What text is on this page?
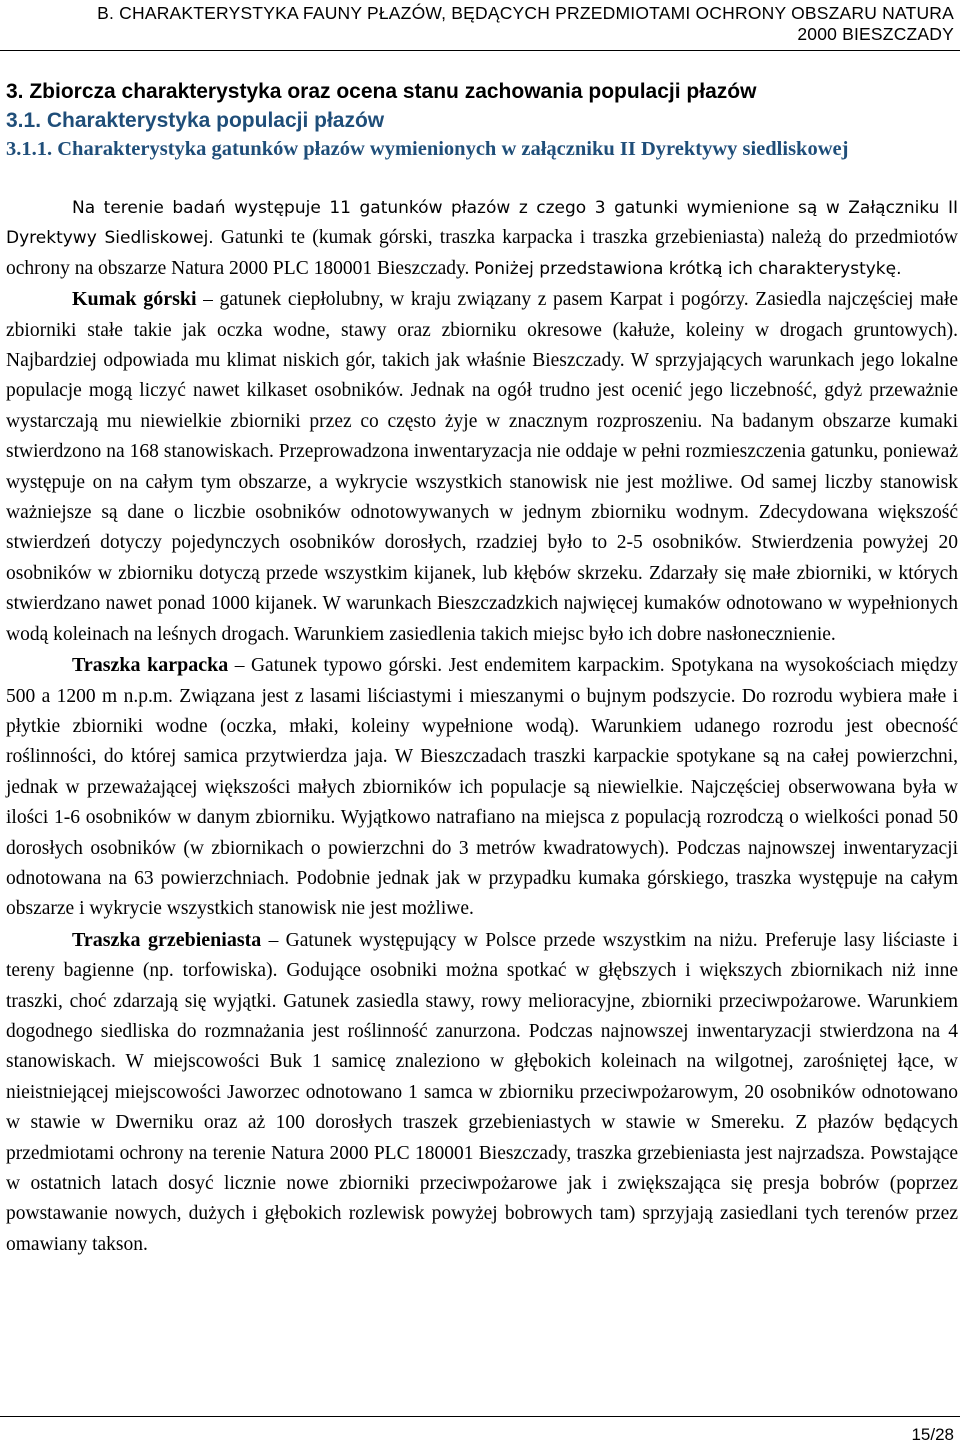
B. CHARAKTERYSTYKA FAUNY PŁAZÓW, BĘDĄCYCH PRZEDMIOTAMI OCHRONY OBSZARU NATURA
2000 BIESZCZADY

3. Zbiorcza charakterystyka oraz ocena stanu zachowania populacji płazów

3.1. Charakterystyka populacji płazów

3.1.1. Charakterystyka gatunków płazów wymienionych w załączniku II Dyrektywy siedliskowej

Na terenie badań występuje 11 gatunków płazów z czego 3 gatunki wymienione są w Załączniku II Dyrektywy Siedliskowej. Gatunki te (kumak górski, traszka karpacka i traszka grzebieniasta) należą do przedmiotów ochrony na obszarze Natura 2000 PLC 180001 Bieszczady. Poniżej przedstawiona krótką ich charakterystykę.

Kumak górski – gatunek ciepłolubny, w kraju związany z pasem Karpat i pogórzy. Zasiedla najczęściej małe zbiorniki stałe takie jak oczka wodne, stawy oraz zbiorniku okresowe (kałuże, koleiny w drogach gruntowych). Najbardziej odpowiada mu klimat niskich gór, takich jak właśnie Bieszczady. W sprzyjających warunkach jego lokalne populacje mogą liczyć nawet kilkaset osobników. Jednak na ogół trudno jest ocenić jego liczebność, gdyż przeważnie wystarczają mu niewielkie zbiorniki przez co często żyje w znacznym rozproszeniu. Na badanym obszarze kumaki stwierdzono na 168 stanowiskach. Przeprowadzona inwentaryzacja nie oddaje w pełni rozmieszczenia gatunku, ponieważ występuje on na całym tym obszarze, a wykrycie wszystkich stanowisk nie jest możliwe. Od samej liczby stanowisk ważniejsze są dane o liczbie osobników odnotowywanych w jednym zbiorniku wodnym. Zdecydowana większość stwierdzeń dotyczy pojedynczych osobników dorosłych, rzadziej było to 2-5 osobników. Stwierdzenia powyżej 20 osobników w zbiorniku dotyczą przede wszystkim kijanek, lub kłębów skrzeku. Zdarzały się małe zbiorniki, w których stwierdzano nawet ponad 1000 kijanek. W warunkach Bieszczadzkich najwięcej kumaków odnotowano w wypełnionych wodą koleinach na leśnych drogach. Warunkiem zasiedlenia takich miejsc było ich dobre nasłonecznienie.

Traszka karpacka – Gatunek typowo górski. Jest endemitem karpackim. Spotykana na wysokościach między 500 a 1200 m n.p.m. Związana jest z lasami liściastymi i mieszanymi o bujnym podszycie. Do rozrodu wybiera małe i płytkie zbiorniki wodne (oczka, młaki, koleiny wypełnione wodą). Warunkiem udanego rozrodu jest obecność roślinności, do której samica przytwierdza jaja. W Bieszczadach traszki karpackie spotykane są na całej powierzchni, jednak w przeważającej większości małych zbiorników ich populacje są niewielkie. Najczęściej obserwowana była w ilości 1-6 osobników w danym zbiorniku. Wyjątkowo natrafiano na miejsca z populacją rozrodczą o wielkości ponad 50 dorosłych osobników (w zbiornikach o powierzchni do 3 metrów kwadratowych). Podczas najnowszej inwentaryzacji odnotowana na 63 powierzchniach. Podobnie jednak jak w przypadku kumaka górskiego, traszka występuje na całym obszarze i wykrycie wszystkich stanowisk nie jest możliwe.

Traszka grzebieniasta – Gatunek występujący w Polsce przede wszystkim na niżu. Preferuje lasy liściaste i tereny bagienne (np. torfowiska). Godujące osobniki można spotkać w głębszych i większych zbiornikach niż inne traszki, choć zdarzają się wyjątki. Gatunek zasiedla stawy, rowy melioracyjne, zbiorniki przeciwpożarowe. Warunkiem dogodnego siedliska do rozmnażania jest roślinność zanurzona. Podczas najnowszej inwentaryzacji stwierdzona na 4 stanowiskach. W miejscowości Buk 1 samicę znaleziono w głębokich koleinach na wilgotnej, zarośniętej łące, w nieistniejącej miejscowości Jaworzec odnotowano 1 samca w zbiorniku przeciwpożarowym, 20 osobników odnotowano w stawie w Dwerniku oraz aż 100 dorosłych traszek grzebieniastych w stawie w Smereku. Z płazów będących przedmiotami ochrony na terenie Natura 2000 PLC 180001 Bieszczady, traszka grzebieniasta jest najrzadsza. Powstające w ostatnich latach dosyć licznie nowe zbiorniki przeciwpożarowe jak i zwiększająca się presja bobrów (poprzez powstawanie nowych, dużych i głębokich rozlewisk powyżej bobrowych tam) sprzyjają zasiedlani tych terenów przez omawiany takson.

15/28
